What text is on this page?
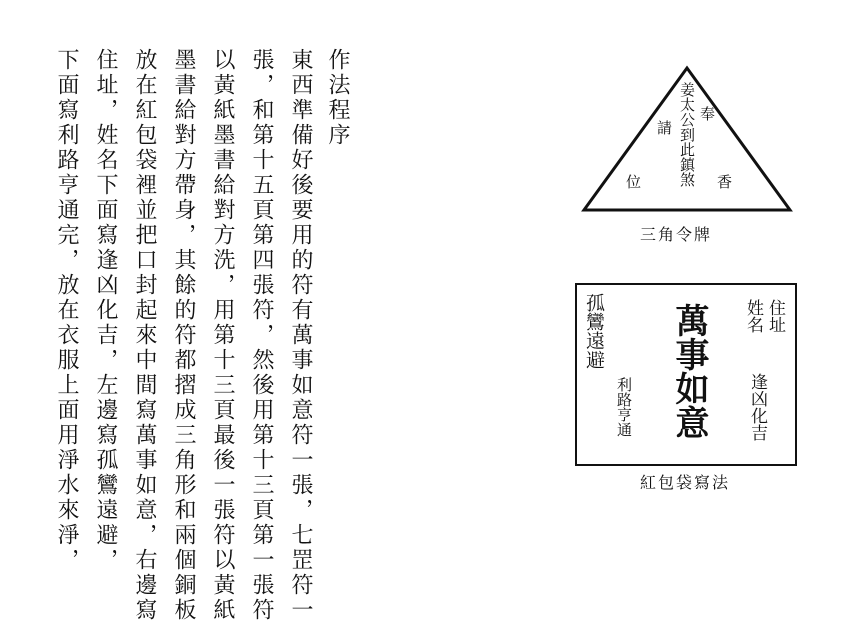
作法程序
東西準備好後要用的符有萬事如意符一張，七罡符一
張，和第十五頁第四張符，然後用第十三頁第一張符
以黃紙墨書給對方洗，用第十三頁最後一張符以黃紙
墨書給對方帶身，其餘的符都摺成三角形和兩個銅板
放在紅包袋裡並把口封起來中間寫萬事如意，右邊寫
住址，姓名下面寫逢凶化吉，左邊寫孤鸞遠避，
下面寫利路亨通完，放在衣服上面用淨水來淨，	姜太公到此鎮煞 奉
請
位	香
三角令牌
住址
姓名
萬事如意 逢凶化吉
孤鸞遠避
利路亨通
紅包袋寫法
